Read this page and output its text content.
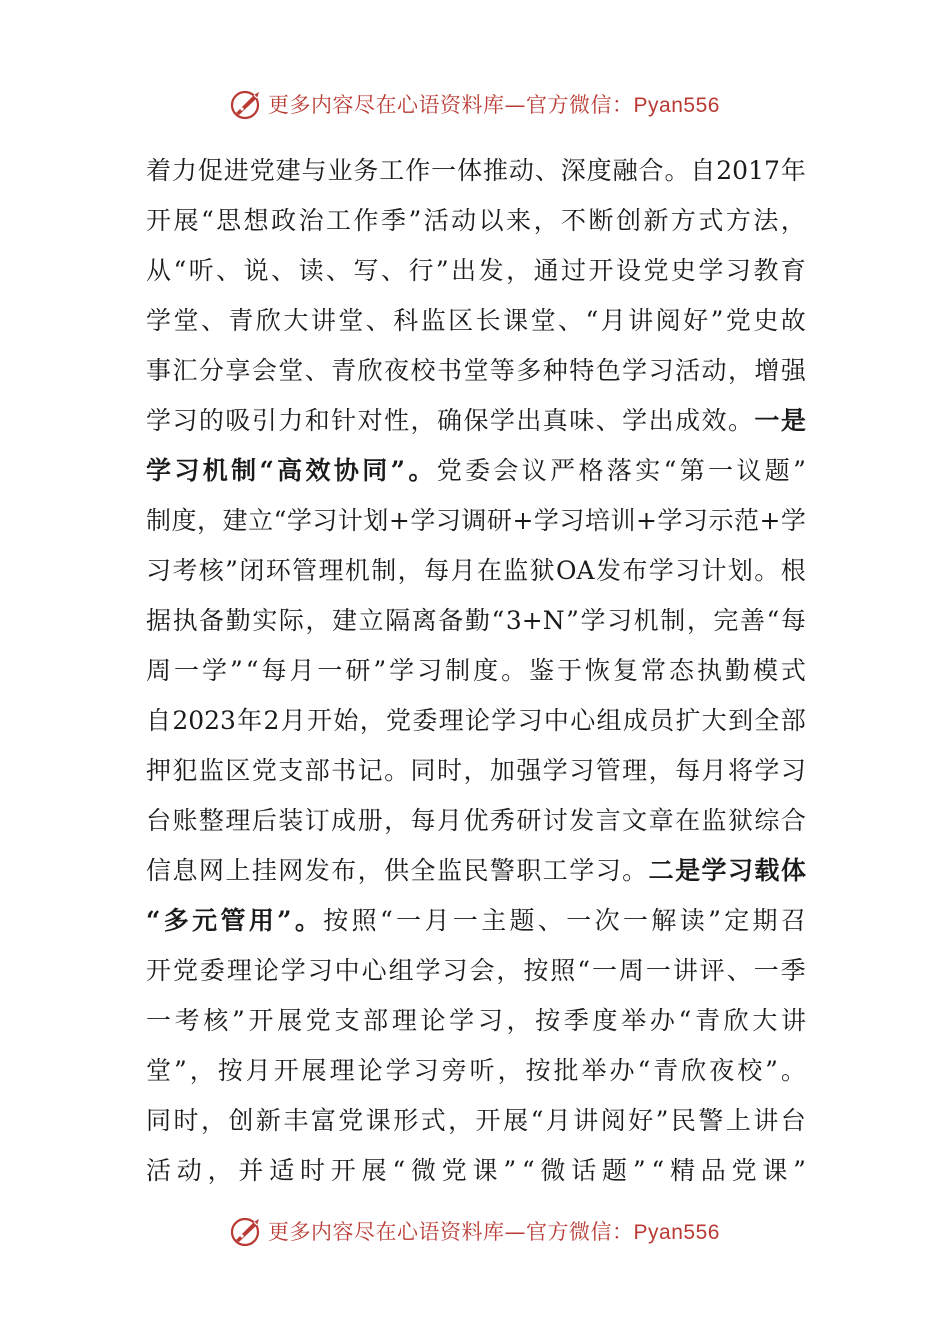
更多内容尽在心语资料库—官方微信：Pyan556
着 力 促 进 党 建 与 业 务 工 作 一 体 推 动 、 深 度 融 合 。 自 2017 年
开 展 “ 思 想 政 治 工 作 季 ” 活 动 以 来 ， 不 断 创 新 方 式 方 法 ，
从 “ 听 、 说 、 读 、 写 、 行 ” 出 发 ， 通 过 开 设 党 史 学 习 教 育
学 堂 、 青 欣 大 讲 堂 、 科 监 区 长 课 堂 、 “ 月 讲 阅 好 ” 党 史 故
事 汇 分 享 会 堂 、 青 欣 夜 校 书 堂 等 多 种 特 色 学 习 活 动 ， 增 强
学 习 的 吸 引 力 和 针 对 性 ， 确 保 学 出 真 味 、 学 出 成 效 。 一 是
学 习 机 制 “ 高 效 协 同 ” 。 党 委 会 议 严 格 落 实 “ 第 一 议 题 ”
制 度 ， 建 立 “ 学 习 计 划 + 学 习 调 研 + 学 习 培 训 + 学 习 示 范 + 学
习 考 核 ” 闭 环 管 理 机 制 ， 每 月 在 监 狱 OA 发 布 学 习 计 划 。 根
据 执 备 勤 实 际 ， 建 立 隔 离 备 勤 “ 3+N ” 学 习 机 制 ， 完 善 “ 每
周 一 学 ” “ 每 月 一 研 ” 学 习 制 度 。 鉴 于 恢 复 常 态 执 勤 模 式
自 2023 年 2 月 开 始 ， 党 委 理 论 学 习 中 心 组 成 员 扩 大 到 全 部
押 犯 监 区 党 支 部 书 记 。 同 时 ， 加 强 学 习 管 理 ， 每 月 将 学 习
台 账 整 理 后 装 订 成 册 ， 每 月 优 秀 研 讨 发 言 文 章 在 监 狱 综 合
信 息 网 上 挂 网 发 布 ， 供 全 监 民 警 职 工 学 习 。 二 是 学 习 载 体
“ 多 元 管 用 ” 。 按 照 “ 一 月 一 主 题 、 一 次 一 解 读 ” 定 期 召
开 党 委 理 论 学 习 中 心 组 学 习 会 ， 按 照 “ 一 周 一 讲 评 、 一 季
一 考 核 ” 开 展 党 支 部 理 论 学 习 ， 按 季 度 举 办 “ 青 欣 大 讲
堂 ” ， 按 月 开 展 理 论 学 习 旁 听 ， 按 批 举 办 “ 青 欣 夜 校 ” 。
同 时 ， 创 新 丰 富 党 课 形 式 ， 开 展 “ 月 讲 阅 好 ” 民 警 上 讲 台
活 动 ， 并 适 时 开 展 “ 微 党 课 ” “ 微 话 题 ” “ 精 品 党 课 ”
更多内容尽在心语资料库—官方微信：Pyan556
